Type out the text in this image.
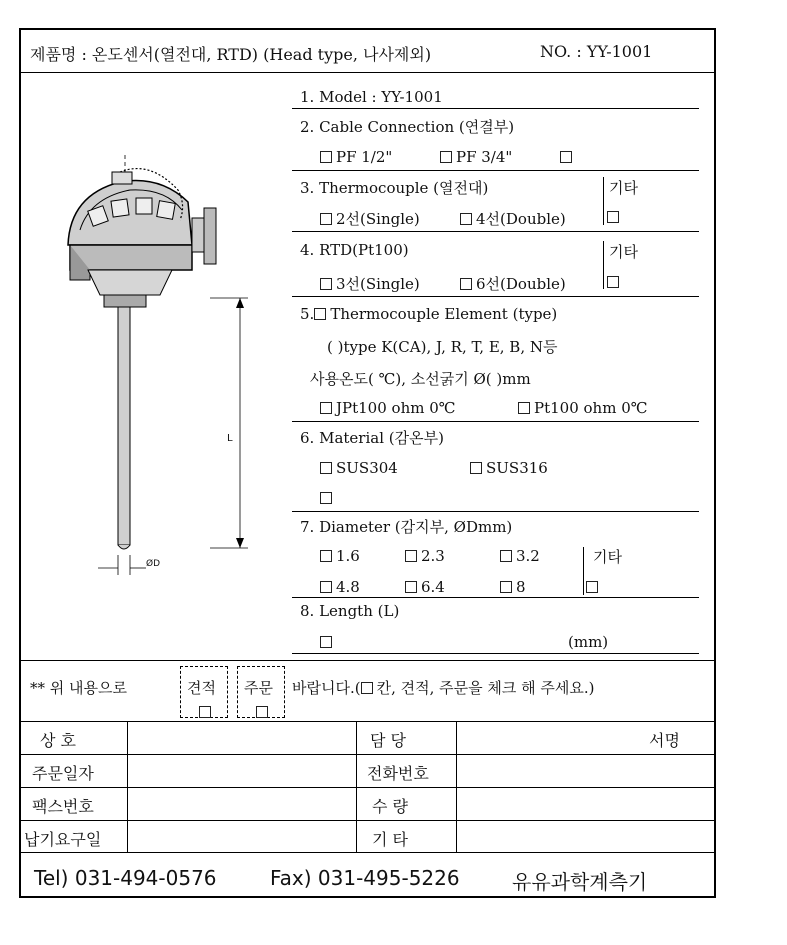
제품명 : 온도센서(열전대, RTD) (Head type, 나사제외)	NO. : YY-1001
L
ØD
1. Model : YY-1001
2. Cable Connection (연결부)
PF 1/2"	PF 3/4"
3. Thermocouple (열전대)	기타
2선(Single)	4선(Double)
4. RTD(Pt100)	기타
3선(Single)	6선(Double)
5. Thermocouple Element (type)
( )type K(CA), J, R, T, E, B, N등
사용온도( ℃), 소선굵기 Ø( )mm
JPt100 ohm 0℃	Pt100 ohm 0℃
6. Material (감온부)
SUS304	SUS316
7. Diameter (감지부, ØDmm)
기타
1.6	2.3	3.2
4.8	6.4	8
8. Length (L)
(mm)
** 위 내용으로	견적 주문 바랍니다.( 칸, 견적, 주문을 체크 해 주세요.)
상 호	담 당	서명
주문일자	전화번호
팩스번호	수 량
납기요구일	기 타
Tel) 031-494-0576	Fax) 031-495-5226	유유과학계측기
